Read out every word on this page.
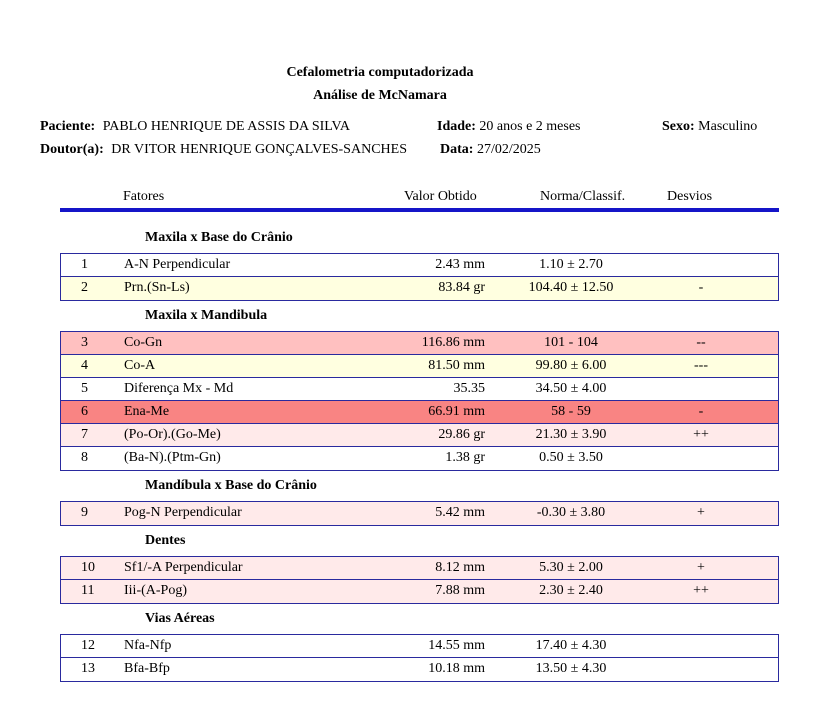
Cefalometria computadorizada
Análise de McNamara
Paciente: PABLO HENRIQUE DE ASSIS DA SILVA	Idade: 20 anos e 2 meses	Sexo: Masculino
Doutor(a): DR VITOR HENRIQUE GONÇALVES-SANCHES Data: 27/02/2025
Fatores	Valor Obtido	Norma/Classif.	Desvios
Maxila x Base do Crânio
1	A-N Perpendicular	2.43 mm	1.10 ± 2.70
2	Prn.(Sn-Ls)	83.84 gr	104.40 ± 12.50	-
Maxila x Mandibula
3	Co-Gn	116.86 mm	101 - 104	--
4	Co-A	81.50 mm	99.80 ± 6.00	---
5	Diferença Mx - Md	35.35	34.50 ± 4.00
6	Ena-Me	66.91 mm	58 - 59	-
7	(Po-Or).(Go-Me)	29.86 gr	21.30 ± 3.90	++
8	(Ba-N).(Ptm-Gn)	1.38 gr	0.50 ± 3.50
Mandíbula x Base do Crânio
9	Pog-N Perpendicular	5.42 mm	-0.30 ± 3.80	+
Dentes
10 Sf1/-A Perpendicular	8.12 mm	5.30 ± 2.00	+
11 Iii-(A-Pog)	7.88 mm	2.30 ± 2.40	++
Vias Aéreas
12 Nfa-Nfp	14.55 mm	17.40 ± 4.30
13 Bfa-Bfp	10.18 mm	13.50 ± 4.30
